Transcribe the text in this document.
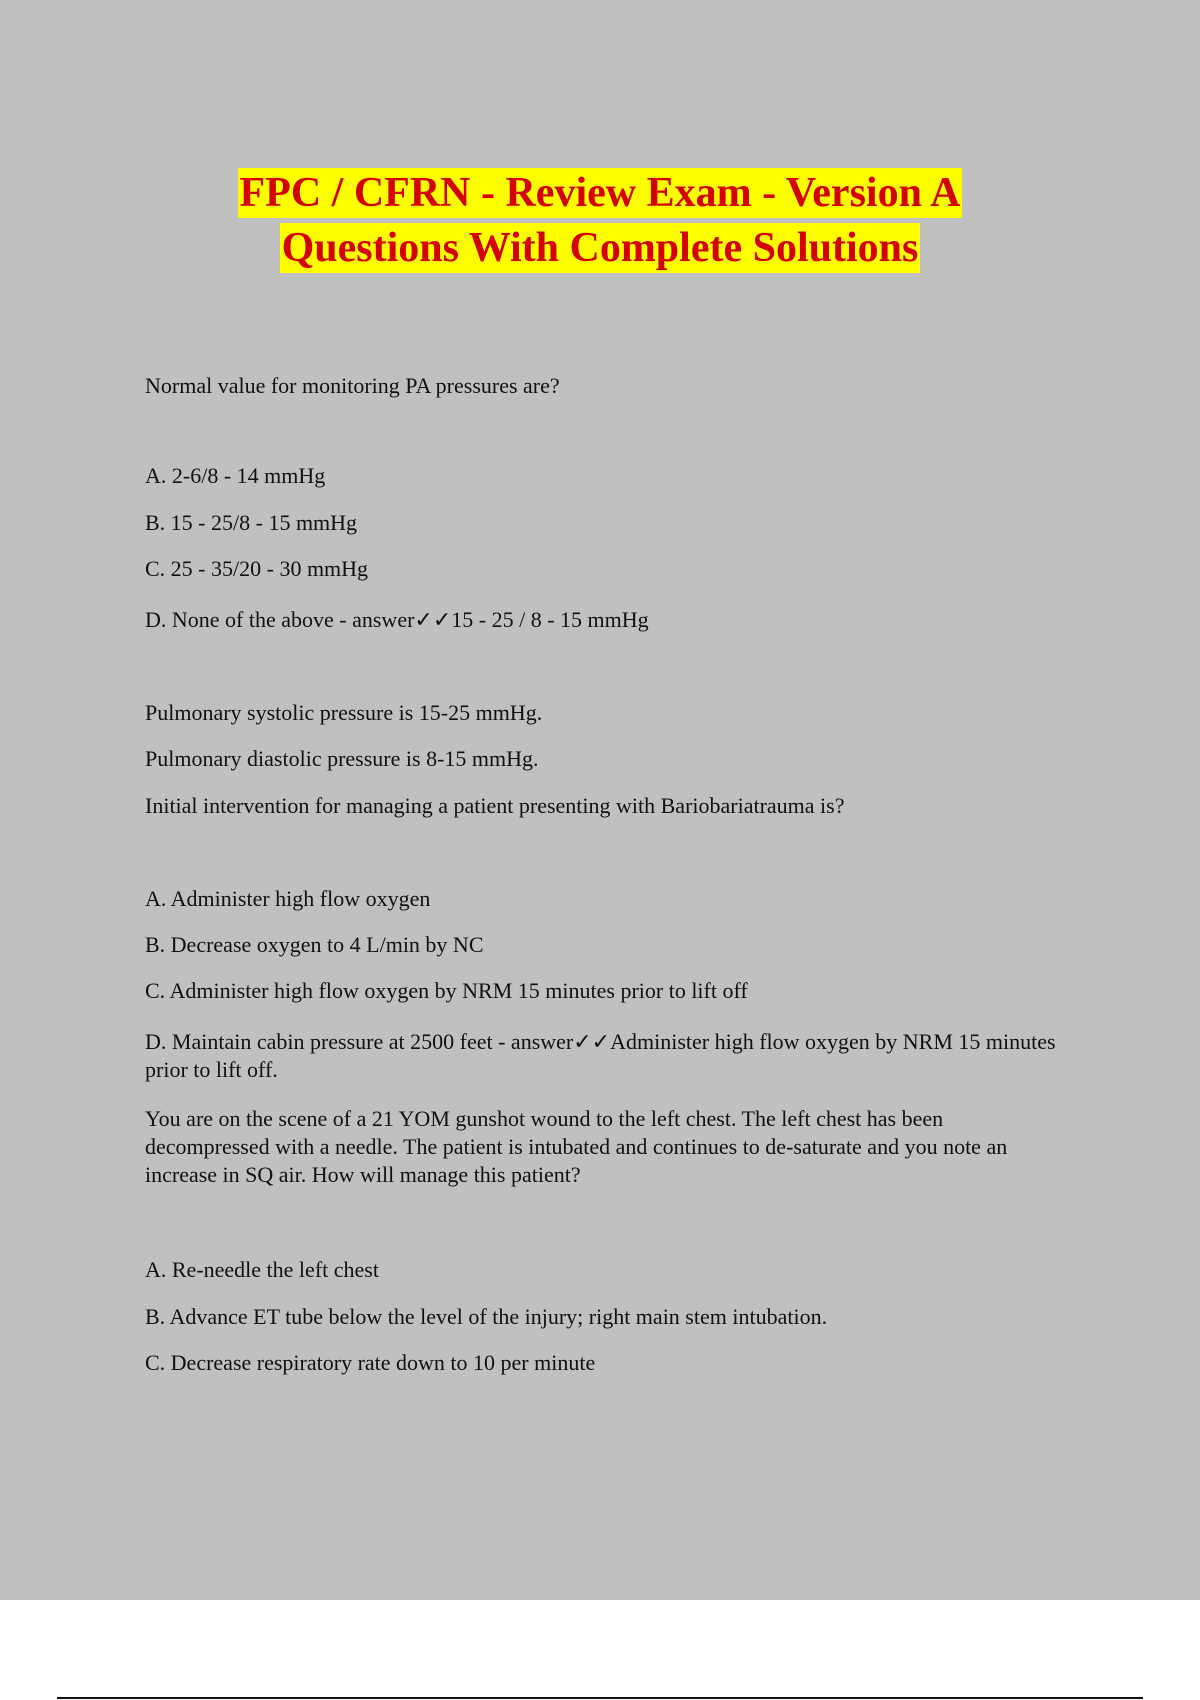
FPC / CFRN - Review Exam - Version A
Questions With Complete Solutions

Normal value for monitoring PA pressures are?

A. 2-6/8 - 14 mmHg

B. 15 - 25/8 - 15 mmHg

C. 25 - 35/20 - 30 mmHg

D. None of the above - answer✓✓15 - 25 / 8 - 15 mmHg

Pulmonary systolic pressure is 15-25 mmHg.

Pulmonary diastolic pressure is 8-15 mmHg.

Initial intervention for managing a patient presenting with Bariobariatrauma is?

A. Administer high flow oxygen

B. Decrease oxygen to 4 L/min by NC

C. Administer high flow oxygen by NRM 15 minutes prior to lift off

D. Maintain cabin pressure at 2500 feet - answer✓✓Administer high flow oxygen by NRM 15 minutes prior to lift off.

You are on the scene of a 21 YOM gunshot wound to the left chest. The left chest has been decompressed with a needle. The patient is intubated and continues to de-saturate and you note an increase in SQ air. How will manage this patient?

A. Re-needle the left chest

B. Advance ET tube below the level of the injury; right main stem intubation.

C. Decrease respiratory rate down to 10 per minute
